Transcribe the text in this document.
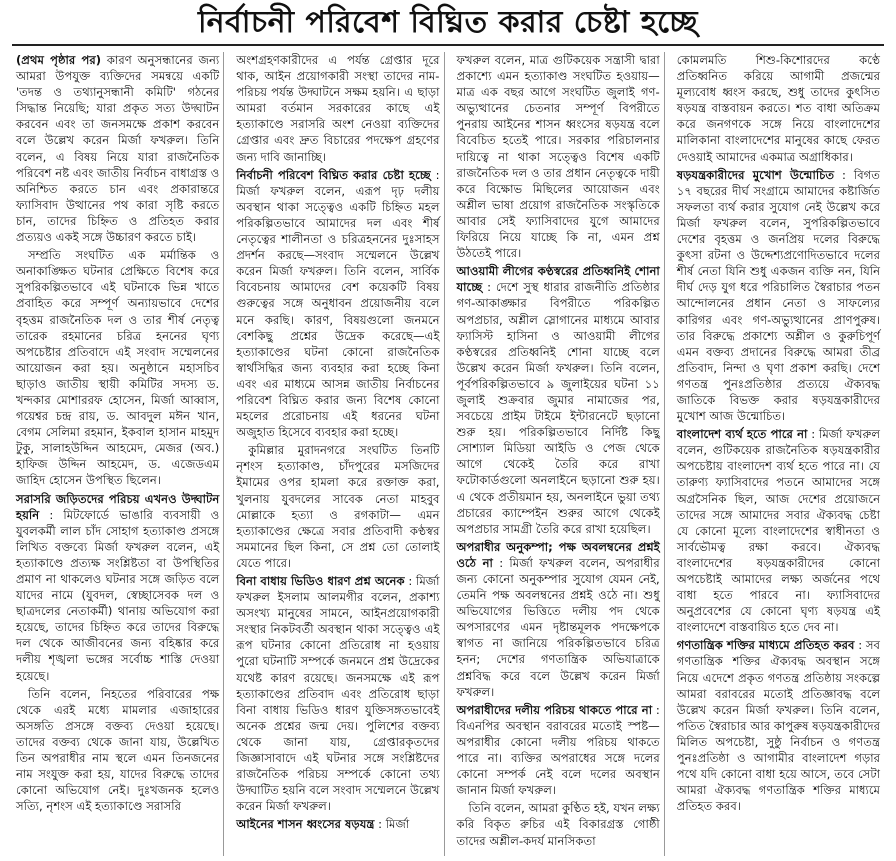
নির্বাচনী পরিবেশ বিঘ্নিত করার চেষ্টা হচ্ছে

(প্রথম পৃষ্ঠার পর) কারণ অনুসন্ধানের জন্য আমরা উপযুক্ত ব্যক্তিদের সমন্বয়ে একটি 'তদন্ত ও তথ্যানুসন্ধানী কমিটি' গঠনের সিদ্ধান্ত নিয়েছি; যারা প্রকৃত সত্য উদ্ঘাটন করবেন এবং তা জনসমক্ষে প্রকাশ করবেন বলে উল্লেখ করেন মির্জা ফখরুল। তিনি বলেন, এ বিষয় নিয়ে যারা রাজনৈতিক পরিবেশ নষ্ট এবং জাতীয় নির্বাচন বাধাগ্রস্ত ও অনিশ্চিত করতে চান এবং প্রকারান্তরে ফ্যাসিবাদ উত্থানের পথ কারা সৃষ্টি করতে চান, তাদের চিহ্নিত ও প্রতিহত করার প্রত্যয়ও একই সঙ্গে উচ্চারণ করতে চাই।

সম্প্রতি সংঘটিত এক মর্মান্তিক ও অনাকাঙ্ক্ষিত ঘটনার প্রেক্ষিতে বিশেষ করে সুপরিকল্পিতভাবে এই ঘটনাকে ভিন্ন খাতে প্রবাহিত করে সম্পূর্ণ অন্যায়ভাবে দেশের বৃহত্তম রাজনৈতিক দল ও তার শীর্ষ নেতৃত্ব তারেক রহমানের চরিত্র হননের ঘৃণ্য অপচেষ্টার প্রতিবাদে এই সংবাদ সম্মেলনের আয়োজন করা হয়। অনুষ্ঠানে মহাসচিব ছাড়াও জাতীয় স্থায়ী কমিটির সদস্য ড. খন্দকার মোশাররফ হোসেন, মির্জা আব্বাস, গয়েশ্বর চন্দ্র রায়, ড. আবদুল মঈন খান, বেগম সেলিমা রহমান, ইকবাল হাসান মাহমুদ টুকু, সালাহউদ্দিন আহমেদ, মেজর (অব.) হাফিজ উদ্দিন আহমেদ, ড. এজেডএম জাহিদ হোসেন উপস্থিত ছিলেন।

সরাসরি জড়িতদের পরিচয় এখনও উদ্ঘাটন হয়নি : মিটফোর্ডে ভাঙারি ব্যবসায়ী ও যুবলকর্মী লাল চাঁদ সোহাগ হত্যাকাণ্ড প্রসঙ্গে লিখিত বক্তব্যে মির্জা ফখরুল বলেন, এই হত্যাকাণ্ডে প্রত্যক্ষ সংশ্লিষ্টতা বা উপস্থিতির প্রমাণ না থাকলেও ঘটনার সঙ্গে জড়িত বলে যাদের নামে (যুবদল, স্বেচ্ছাসেবক দল ও ছাত্রদলের নেতাকর্মী) থানায় অভিযোগ করা হয়েছে, তাদের চিহ্নিত করে তাদের বিরুদ্ধে দল থেকে আজীবনের জন্য বহিষ্কার করে দলীয় শৃঙ্খলা ভঙ্গের সর্বোচ্চ শাস্তি দেওয়া হয়েছে।

তিনি বলেন, নিহতের পরিবারের পক্ষ থেকে এরই মধ্যে মামলার এজাহারের অসঙ্গতি প্রসঙ্গে বক্তব্য দেওয়া হয়েছে। তাদের বক্তব্য থেকে জানা যায়, উল্লেখিত তিন অপরাধীর নাম স্থলে এমন তিনজনের নাম সংযুক্ত করা হয়, যাদের বিরুদ্ধে তাদের কোনো অভিযোগ নেই। দুঃখজনক হলেও সত্যি, নৃশংস এই হত্যাকাণ্ডে সরাসরি

অংশগ্রহণকারীদের এ পর্যন্ত গ্রেপ্তার দূরে থাক, আইন প্রয়োগকারী সংস্থা তাদের নাম-পরিচয় পর্যন্ত উদ্ঘাটনে সক্ষম হয়নি। এ ছাড়া আমরা বর্তমান সরকারের কাছে এই হত্যাকাণ্ডে সরাসরি অংশ নেওয়া ব্যক্তিদের গ্রেপ্তার এবং দ্রুত বিচারের পদক্ষেপ গ্রহণের জন্য দাবি জানাচ্ছি।

নির্বাচনী পরিবেশ বিঘ্নিত করার চেষ্টা হচ্ছে : মির্জা ফখরুল বলেন, এরূপ দৃঢ় দলীয় অবস্থান থাকা সত্ত্বেও একটি চিহ্নিত মহল পরিকল্পিতভাবে আমাদের দল এবং শীর্ষ নেতৃত্বের শালীনতা ও চরিত্রহননের দুঃসাহস প্রদর্শন করছে—সংবাদ সম্মেলনে উল্লেখ করেন মির্জা ফখরুল। তিনি বলেন, সার্বিক বিবেচনায় আমাদের বেশ কয়েকটি বিষয় গুরুত্বের সঙ্গে অনুধাবন প্রয়োজনীয় বলে মনে করছি। কারণ, বিষয়গুলো জনমনে বেশকিছু প্রশ্নের উদ্রেক করেছে—এই হত্যাকাণ্ডের ঘটনা কোনো রাজনৈতিক স্বার্থসিদ্ধির জন্য ব্যবহার করা হচ্ছে কিনা এবং এর মাধ্যমে আসন্ন জাতীয় নির্বাচনের পরিবেশ বিঘ্নিত করার জন্য বিশেষ কোনো মহলের প্ররোচনায় এই ধরনের ঘটনা অজুহাত হিসেবে ব্যবহার করা হচ্ছে।

কুমিল্লার মুরাদনগরে সংঘটিত তিনটি নৃশংস হত্যাকাণ্ড, চাঁদপুরের মসজিদের ইমামের ওপর হামলা করে রক্তাক্ত করা, খুলনায় যুবদলের সাবেক নেতা মাহবুব মোল্লাকে হত্যা ও রগকাটা— এমন হত্যাকাণ্ডের ক্ষেত্রে সবার প্রতিবাদী কণ্ঠস্বর সমমানের ছিল কিনা, সে প্রশ্ন তো তোলাই যেতে পারে।

বিনা বাধায় ভিডিও ধারণ প্রশ্ন অনেক : মির্জা ফখরুল ইসলাম আলমগীর বলেন, প্রকাশ্য অসংখ্য মানুষের সামনে, আইনপ্রয়োগকারী সংস্থার নিকটবর্তী অবস্থান থাকা সত্ত্বেও এই রূপ ঘটনার কোনো প্রতিরোধ না হওয়ায় পুরো ঘটনাটি সম্পর্কে জনমনে প্রশ্ন উদ্রেকের যথেষ্ট কারণ রয়েছে। জনসমক্ষে এই রূপ হত্যাকাণ্ডের প্রতিবাদ এবং প্রতিরোধ ছাড়া বিনা বাধায় ভিডিও ধারণ যুক্তিসঙ্গতভাবেই অনেক প্রশ্নের জন্ম দেয়। পুলিশের বক্তব্য থেকে জানা যায়, গ্রেপ্তারকৃতদের জিজ্ঞাসাবাদে এই ঘটনার সঙ্গে সংশ্লিষ্টদের রাজনৈতিক পরিচয় সম্পর্কে কোনো তথ্য উদ্ঘাটিত হয়নি বলে সংবাদ সম্মেলনে উল্লেখ করেন মির্জা ফখরুল।

আইনের শাসন ধ্বংসের ষড়যন্ত্র : মির্জা

ফখরুল বলেন, মাত্র গুটিকয়েক সন্ত্রাসী দ্বারা প্রকাশ্যে এমন হত্যাকাণ্ড সংঘটিত হওয়ায়—মাত্র এক বছর আগে সংঘটিত জুলাই গণ-অভ্যুত্থানের চেতনার সম্পূর্ণ বিপরীতে পুনরায় আইনের শাসন ধ্বংসের ষড়যন্ত্র বলে বিবেচিত হতেই পারে। সরকার পরিচালনার দায়িত্বে না থাকা সত্ত্বেও বিশেষ একটি রাজনৈতিক দল ও তার প্রধান নেতৃত্বকে দায়ী করে বিক্ষোভ মিছিলের আয়োজন এবং অশ্লীল ভাষা প্রয়োগ রাজনৈতিক সংস্কৃতিকে আবার সেই ফ্যাসিবাদের যুগে আমাদের ফিরিয়ে নিয়ে যাচ্ছে কি না, এমন প্রশ্ন উঠতেই পারে।

আওয়ামী লীগের কণ্ঠস্বরের প্রতিধ্বনিই শোনা যাচ্ছে : দেশে সুস্থ ধারার রাজনীতি প্রতিষ্ঠার গণ-আকাঙ্ক্ষার বিপরীতে পরিকল্পিত অপপ্রচার, অশ্লীল স্লোগানের মাধ্যমে আবার ফ্যাসিস্ট হাসিনা ও আওয়ামী লীগের কণ্ঠস্বরের প্রতিধ্বনিই শোনা যাচ্ছে বলে উল্লেখ করেন মির্জা ফখরুল। তিনি বলেন, পূর্বপরিকল্পিতভাবে ৯ জুলাইয়ের ঘটনা ১১ জুলাই শুক্রবার জুমার নামাজের পর, সবচেয়ে প্রাইম টাইমে ইন্টারনেটে ছড়ানো শুরু হয়। পরিকল্পিতভাবে নির্দিষ্ট কিছু সোশ্যাল মিডিয়া আইডি ও পেজ থেকে আগে থেকেই তৈরি করে রাখা ফটোকার্ডগুলো অনলাইনে ছড়ানো শুরু হয়। এ থেকে প্রতীয়মান হয়, অনলাইনে ভুয়া তথ্য প্রচারের ক্যাম্পেইন শুরুর আগে থেকেই অপপ্রচার সামগ্রী তৈরি করে রাখা হয়েছিল।

অপরাধীর অনুকম্পা; পক্ষ অবলম্বনের প্রশ্নই ওঠে না : মির্জা ফখরুল বলেন, অপরাধীর জন্য কোনো অনুকম্পার সুযোগ যেমন নেই, তেমনি পক্ষ অবলম্বনের প্রশ্নই ওঠে না। শুধু অভিযোগের ভিত্তিতে দলীয় পদ থেকে অপসারণের এমন দৃষ্টান্তমূলক পদক্ষেপকে স্বাগত না জানিয়ে পরিকল্পিতভাবে চরিত্র হনন; দেশের গণতান্ত্রিক অভিযাত্রাকে প্রশ্নবিদ্ধ করে বলে উল্লেখ করেন মির্জা ফখরুল।

অপরাধীদের দলীয় পরিচয় থাকতে পারে না : বিএনপির অবস্থান বরাবরের মতোই স্পষ্ট— অপরাধীর কোনো দলীয় পরিচয় থাকতে পারে না। ব্যক্তির অপরাধের সঙ্গে দলের কোনো সম্পর্ক নেই বলে দলের অবস্থান জানান মির্জা ফখরুল।

তিনি বলেন, আমরা কুণ্ঠিত হই, যখন লক্ষ্য করি বিকৃত রুচির এই বিকারগ্রস্ত গোষ্ঠী তাদের অশ্লীল-কদর্য মানসিকতা

কোমলমতি শিশু-কিশোরদের কণ্ঠে প্রতিধ্বনিত করিয়ে আগামী প্রজন্মের মূল্যবোধ ধ্বংস করছে, শুধু তাদের কুৎসিত ষড়যন্ত্র বাস্তবায়ন করতে। শত বাধা অতিক্রম করে জনগণকে সঙ্গে নিয়ে বাংলাদেশের মালিকানা বাংলাদেশের মানুষের কাছে ফেরত দেওয়াই আমাদের একমাত্র অগ্রাধিকার।

ষড়যন্ত্রকারীদের মুখোশ উন্মোচিত : বিগত ১৭ বছরের দীর্ঘ সংগ্রামে আমাদের কষ্টার্জিত সফলতা ব্যর্থ করার সুযোগ নেই উল্লেখ করে মির্জা ফখরুল বলেন, সুপরিকল্পিতভাবে দেশের বৃহত্তম ও জনপ্রিয় দলের বিরুদ্ধে কুৎসা রটনা ও উদ্দেশ্যপ্রণোদিতভাবে দলের শীর্ষ নেতা যিনি শুধু একজন ব্যক্তি নন, যিনি দীর্ঘ দেড় যুগ ধরে পরিচালিত স্বৈরাচার পতন আন্দোলনের প্রধান নেতা ও সাফল্যের কারিগর এবং গণ-অভ্যুত্থানের প্রাণপুরুষ। তার বিরুদ্ধে প্রকাশ্যে অশ্লীল ও কুরুচিপূর্ণ এমন বক্তব্য প্রদানের বিরুদ্ধে আমরা তীব্র প্রতিবাদ, নিন্দা ও ঘৃণা প্রকাশ করছি। দেশে গণতন্ত্র পুনঃপ্রতিষ্ঠার প্রত্যয়ে ঐক্যবদ্ধ জাতিকে বিভক্ত করার ষড়যন্ত্রকারীদের মুখোশ আজ উন্মোচিত।

বাংলাদেশ ব্যর্থ হতে পারে না : মির্জা ফখরুল বলেন, গুটিকয়েক রাজনৈতিক ষড়যন্ত্রকারীর অপচেষ্টায় বাংলাদেশ ব্যর্থ হতে পারে না। যে তারুণ্য ফ্যাসিবাদের পতনে আমাদের সঙ্গে অগ্রসৈনিক ছিল, আজ দেশের প্রয়োজনে তাদের সঙ্গে আমাদের সবার ঐক্যবদ্ধ চেষ্টা যে কোনো মূল্যে বাংলাদেশের স্বাধীনতা ও সার্বভৌমত্ব রক্ষা করবে। ঐক্যবদ্ধ বাংলাদেশের ষড়যন্ত্রকারীদের কোনো অপচেষ্টাই আমাদের লক্ষ্য অর্জনের পথে বাধা হতে পারবে না। ফ্যাসিবাদের অনুপ্রবেশের যে কোনো ঘৃণ্য ষড়যন্ত্র এই বাংলাদেশে বাস্তবায়িত হতে দেব না।

গণতান্ত্রিক শক্তির মাধ্যমে প্রতিহত করব : সব গণতান্ত্রিক শক্তির ঐক্যবদ্ধ অবস্থান সঙ্গে নিয়ে এদেশে প্রকৃত গণতন্ত্র প্রতিষ্ঠায় সংকল্পে আমরা বরাবরের মতোই প্রতিজ্ঞাবদ্ধ বলে উল্লেখ করেন মির্জা ফখরুল। তিনি বলেন, পতিত স্বৈরাচার আর কাপুরুষ ষড়যন্ত্রকারীদের মিলিত অপচেষ্টা, সুষ্ঠু নির্বাচন ও গণতন্ত্র পুনঃপ্রতিষ্ঠা ও আগামীর বাংলাদেশ গড়ার পথে যদি কোনো বাধা হয়ে আসে, তবে সেটা আমরা ঐক্যবদ্ধ গণতান্ত্রিক শক্তির মাধ্যমে প্রতিহত করব।
